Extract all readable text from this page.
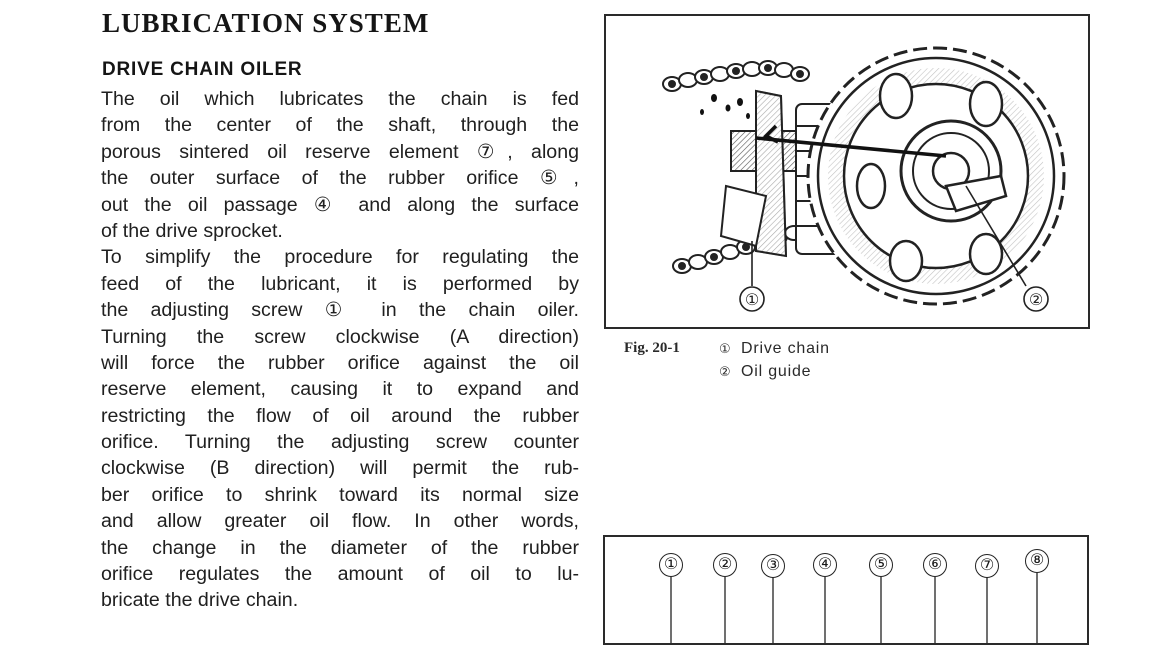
LUBRICATION SYSTEM
DRIVE CHAIN OILER
The oil which lubricates the chain is fed
from the center of the shaft, through the
porous sintered oil reserve element ⑦, along
the outer surface of the rubber orifice ⑤,
out the oil passage ④ and along the surface
of the drive sprocket.
To simplify the procedure for regulating the
feed of the lubricant, it is performed by
the adjusting screw ① in the chain oiler.
Turning the screw clockwise (A direction)
will force the rubber orifice against the oil
reserve element, causing it to expand and
restricting the flow of oil around the rubber
orifice. Turning the adjusting screw counter
clockwise (B direction) will permit the rub-
ber orifice to shrink toward its normal size
and allow greater oil flow. In other words,
the change in the diameter of the rubber
orifice regulates the amount of oil to lu-
bricate the drive chain.
①	②
Fig. 20-1	① Drive chain
② Oil guide
①	②	③	④	⑤	⑥	⑦	⑧
